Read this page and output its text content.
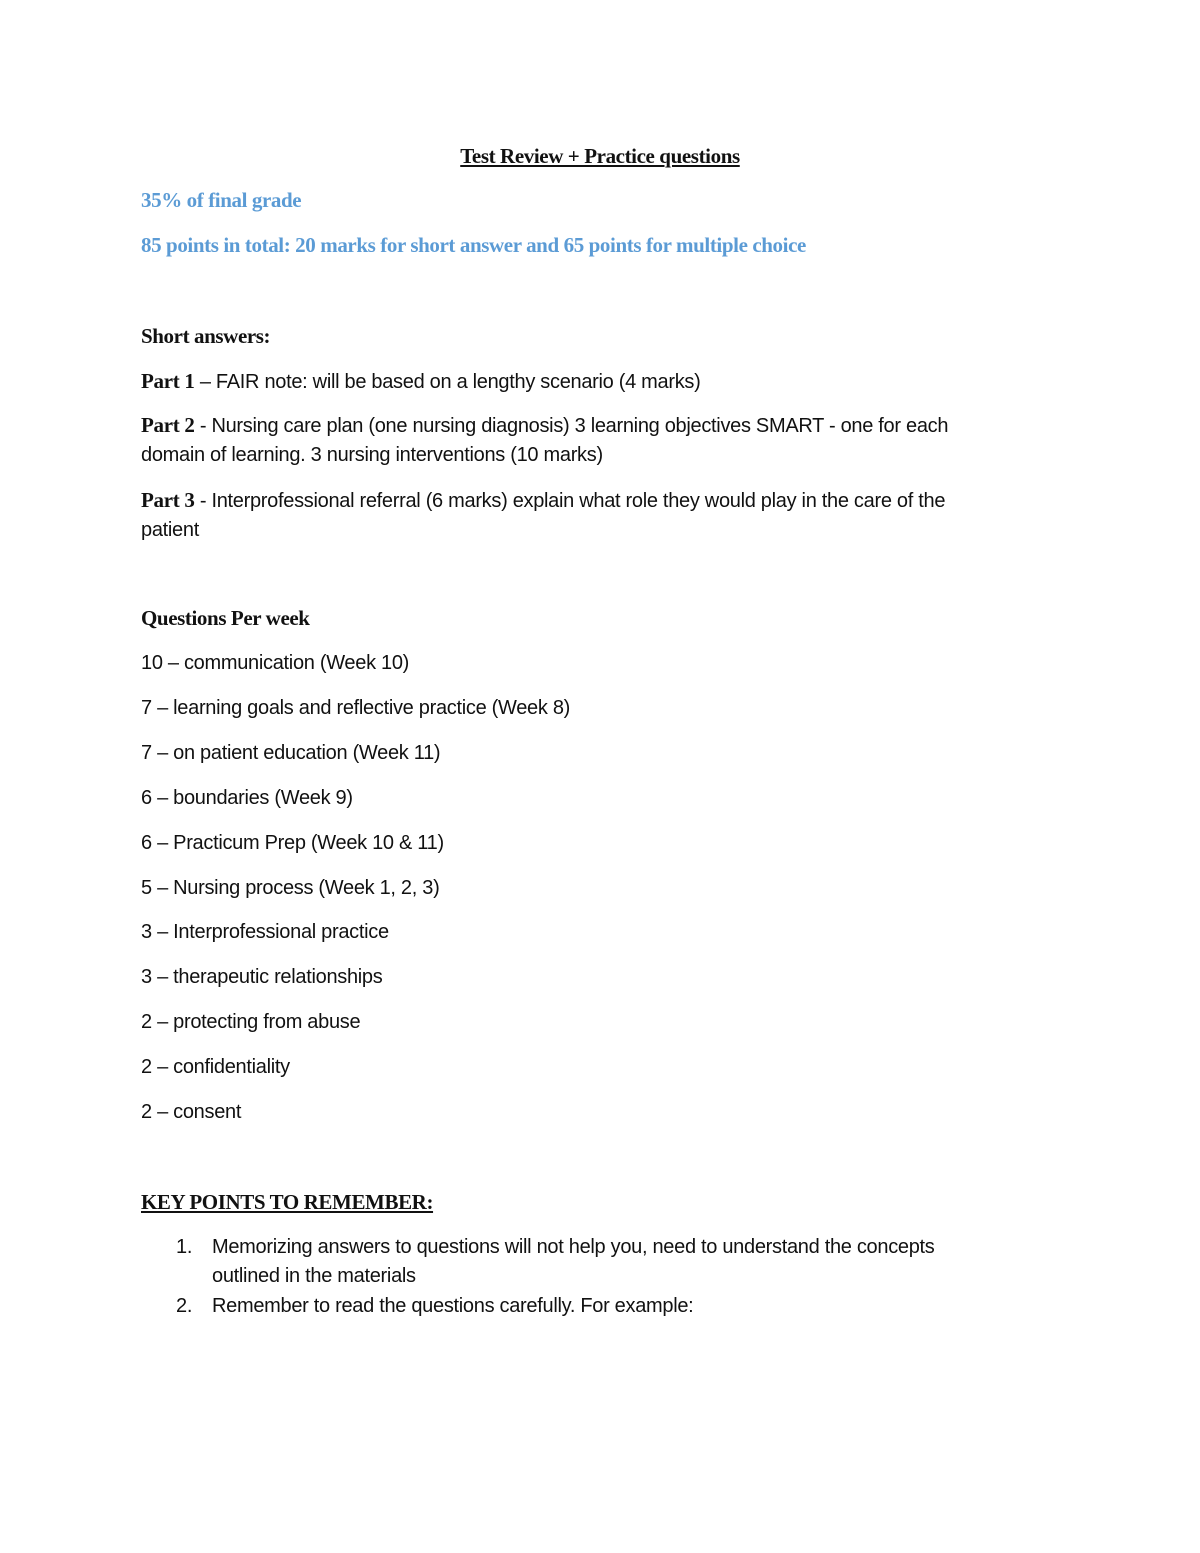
Test Review + Practice questions
35% of final grade
85 points in total: 20 marks for short answer and 65 points for multiple choice
Short answers:
Part 1 – FAIR note: will be based on a lengthy scenario (4 marks)
Part 2 - Nursing care plan (one nursing diagnosis) 3 learning objectives SMART - one for each
domain of learning. 3 nursing interventions (10 marks)
Part 3 - Interprofessional referral (6 marks) explain what role they would play in the care of the
patient
Questions Per week
10 – communication (Week 10)
7 – learning goals and reflective practice (Week 8)
7 – on patient education (Week 11)
6 – boundaries (Week 9)
6 – Practicum Prep (Week 10 & 11)
5 – Nursing process (Week 1, 2, 3)
3 – Interprofessional practice
3 – therapeutic relationships
2 – protecting from abuse
2 – confidentiality
2 – consent
KEY POINTS TO REMEMBER:
1. Memorizing answers to questions will not help you, need to understand the concepts
outlined in the materials
2. Remember to read the questions carefully. For example:
